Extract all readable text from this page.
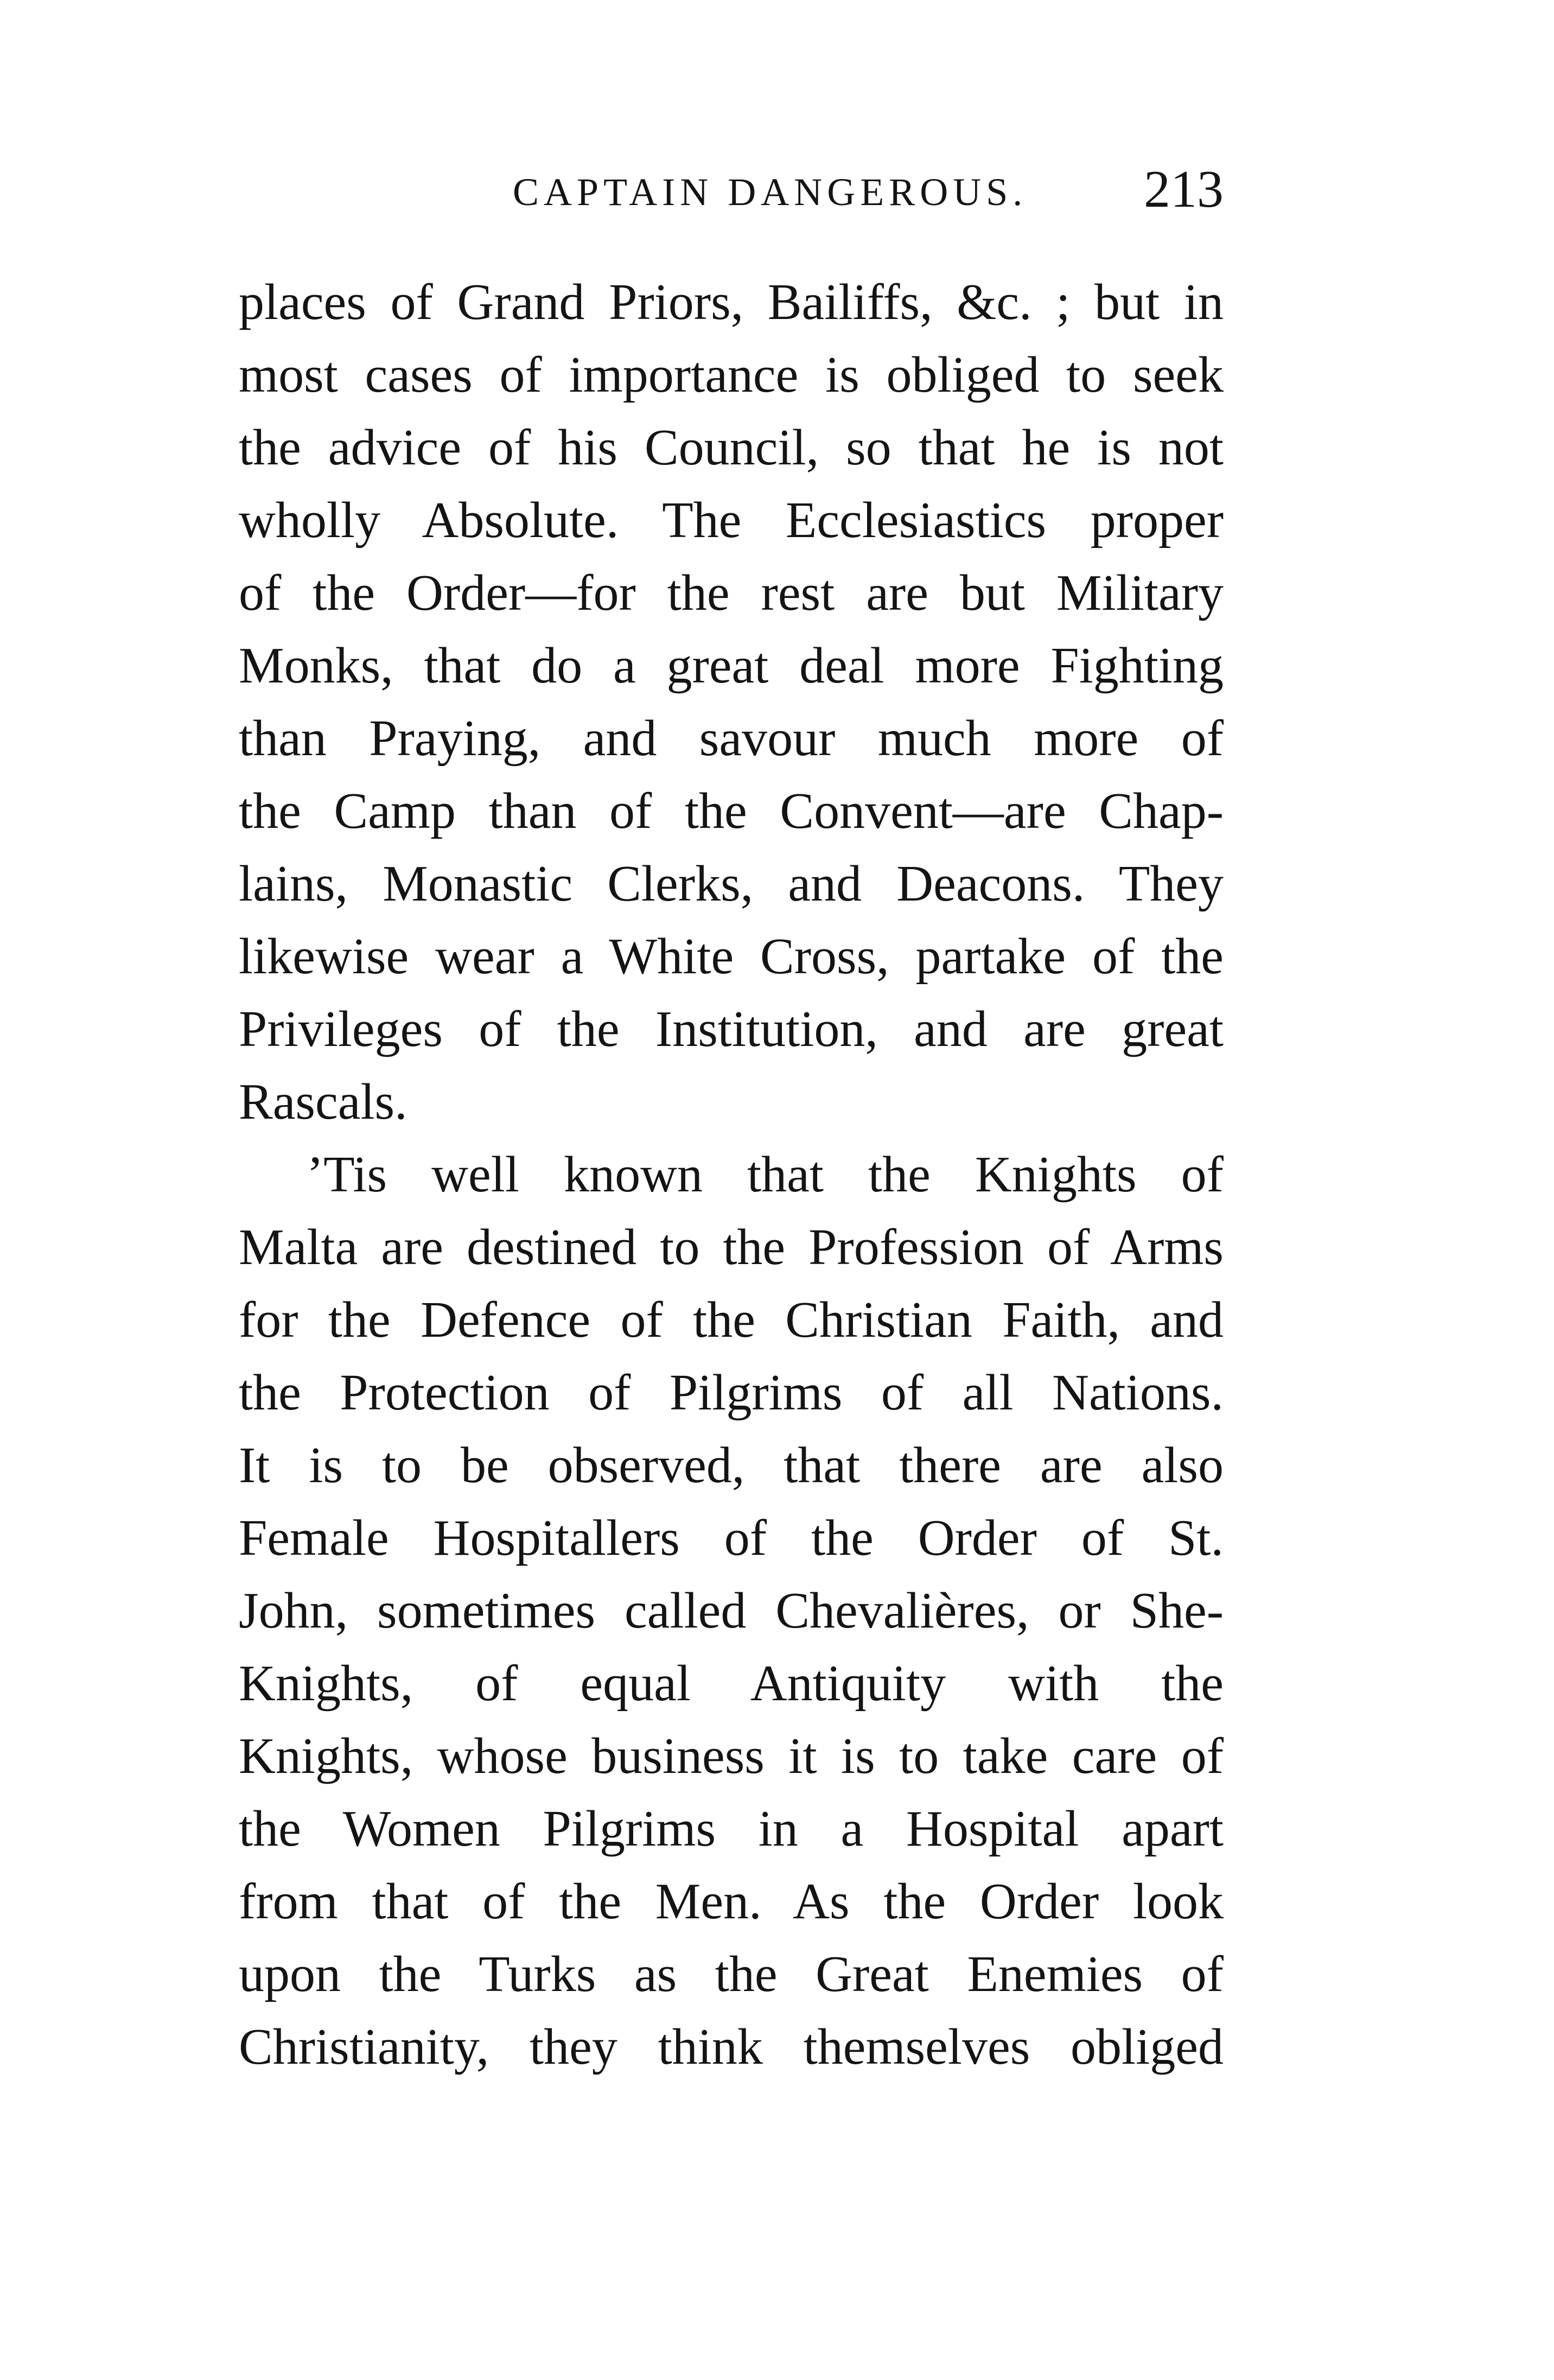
CAPTAIN DANGEROUS. 213
places of Grand Priors, Bailiffs, &c. ; but in
most cases of importance is obliged to seek
the advice of his Council, so that he is not
wholly Absolute. The Ecclesiastics proper
of the Order—for the rest are but Military
Monks, that do a great deal more Fighting
than Praying, and savour much more of
the Camp than of the Convent—are Chap-
lains, Monastic Clerks, and Deacons. They
likewise wear a White Cross, partake of the
Privileges of the Institution, and are great
Rascals.
’Tis well known that the Knights of
Malta are destined to the Profession of Arms
for the Defence of the Christian Faith, and
the Protection of Pilgrims of all Nations.
It is to be observed, that there are also
Female Hospitallers of the Order of St.
John, sometimes called Chevalières, or She-
Knights, of equal Antiquity with the
Knights, whose business it is to take care of
the Women Pilgrims in a Hospital apart
from that of the Men. As the Order look
upon the Turks as the Great Enemies of
Christianity, they think themselves obliged
